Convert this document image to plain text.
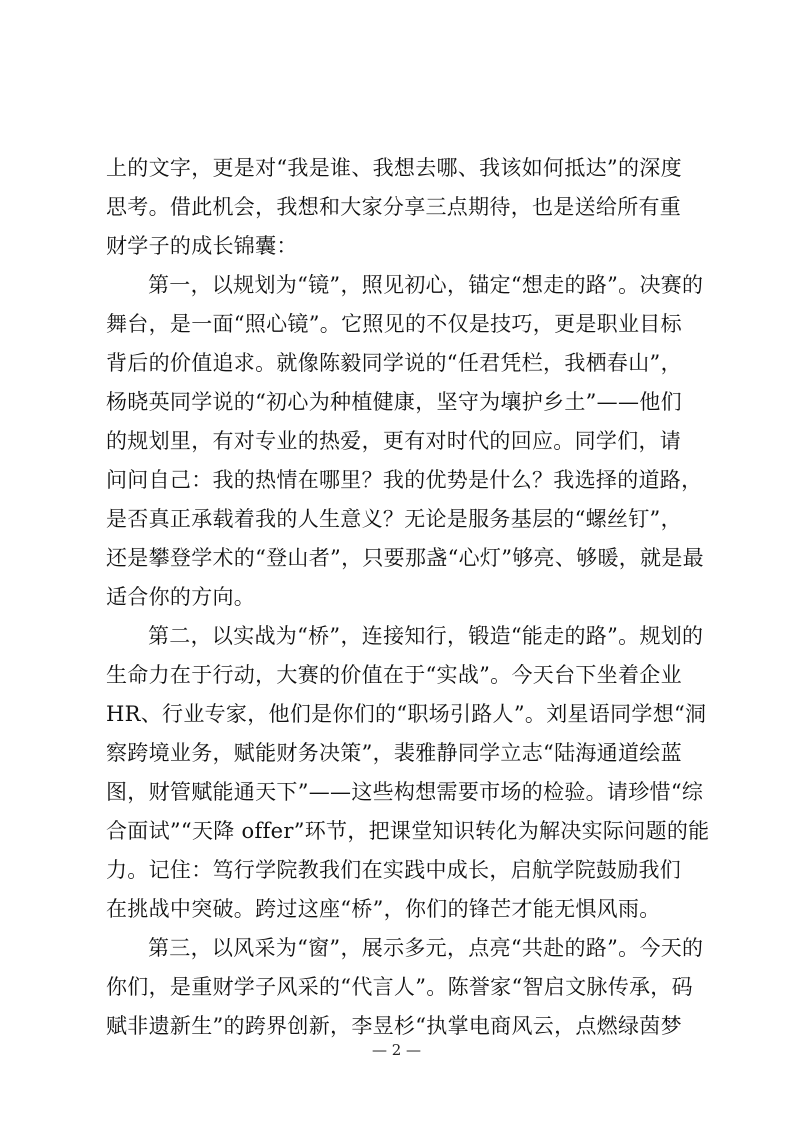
上的文字，更是对“我是谁、我想去哪、我该如何抵达”的深度
思考。借此机会，我想和大家分享三点期待，也是送给所有重
财学子的成长锦囊：
第一，以规划为“镜”，照见初心，锚定“想走的路”。决赛的
舞台，是一面“照心镜”。它照见的不仅是技巧，更是职业目标
背后的价值追求。就像陈毅同学说的“任君凭栏，我栖春山”，
杨晓英同学说的“初心为种植健康，坚守为壤护乡土”——他们
的规划里，有对专业的热爱，更有对时代的回应。同学们，请
问问自己：我的热情在哪里？我的优势是什么？我选择的道路，
是否真正承载着我的人生意义？无论是服务基层的“螺丝钉”，
还是攀登学术的“登山者”，只要那盏“心灯”够亮、够暖，就是最
适合你的方向。
第二，以实战为“桥”，连接知行，锻造“能走的路”。规划的
生命力在于行动，大赛的价值在于“实战”。今天台下坐着企业
HR、行业专家，他们是你们的“职场引路人”。刘星语同学想“洞
察跨境业务，赋能财务决策”，裴雅静同学立志“陆海通道绘蓝
图，财管赋能通天下”——这些构想需要市场的检验。请珍惜“综
合面试”“天降 offer”环节，把课堂知识转化为解决实际问题的能
力。记住：笃行学院教我们在实践中成长，启航学院鼓励我们
在挑战中突破。跨过这座“桥”，你们的锋芒才能无惧风雨。
第三，以风采为“窗”，展示多元，点亮“共赴的路”。今天的
你们，是重财学子风采的“代言人”。陈誉家“智启文脉传承，码
赋非遗新生”的跨界创新，李昱杉“执掌电商风云，点燃绿茵梦
— 2 —
